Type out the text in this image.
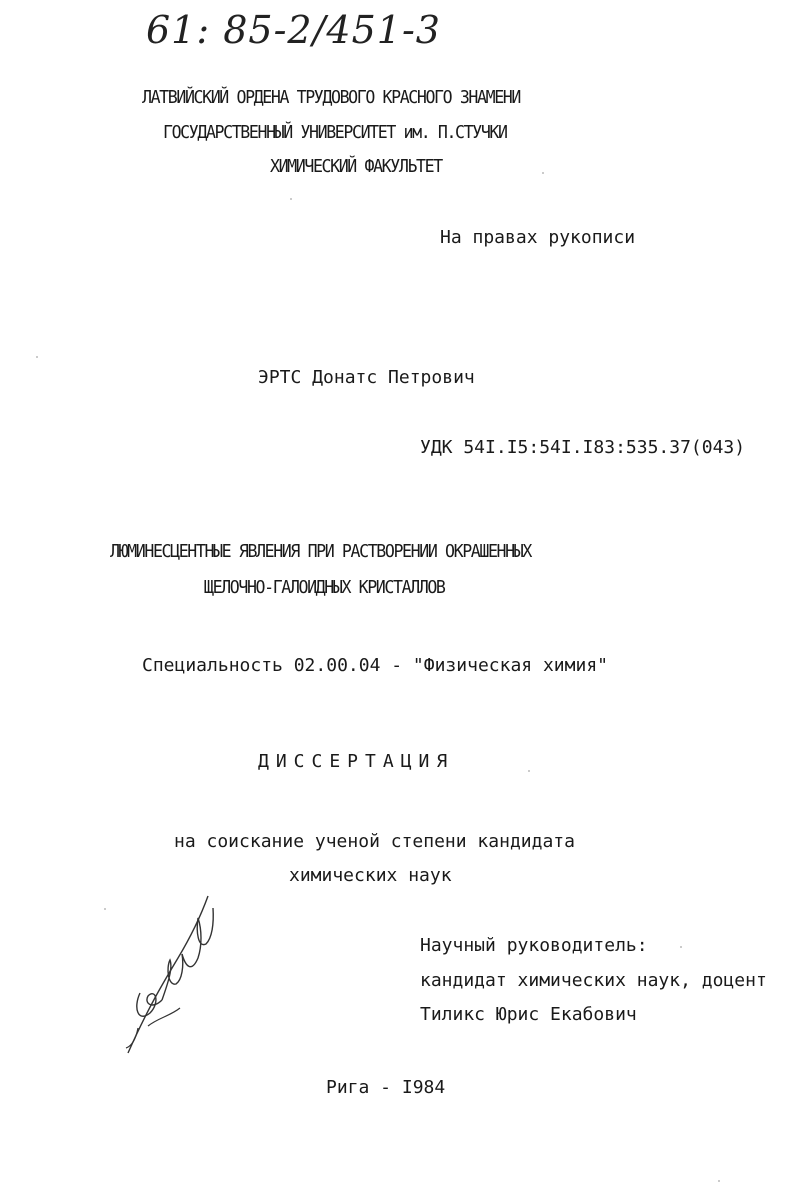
61: 85-2/451-3
ЛАТВИЙСКИЙ ОРДЕНА ТРУДОВОГО КРАСНОГО ЗНАМЕНИ
ГОСУДАРСТВЕННЫЙ УНИВЕРСИТЕТ им. П.СТУЧКИ
ХИМИЧЕСКИЙ ФАКУЛЬТЕТ
На правах рукописи
ЭРТС Донатс Петрович
УДК 54I.I5:54I.I83:535.37(043)
ЛЮМИНЕСЦЕНТНЫЕ ЯВЛЕНИЯ ПРИ РАСТВОРЕНИИ ОКРАШЕННЫХ
ЩЕЛОЧНО-ГАЛОИДНЫХ КРИСТАЛЛОВ
Специальность 02.00.04 - "Физическая химия"
ДИССЕРТАЦИЯ
на соискание ученой степени кандидата
химических наук
Научный руководитель:
кандидат химических наук, доцент
Тиликс Юрис Екабович
Рига - I984
